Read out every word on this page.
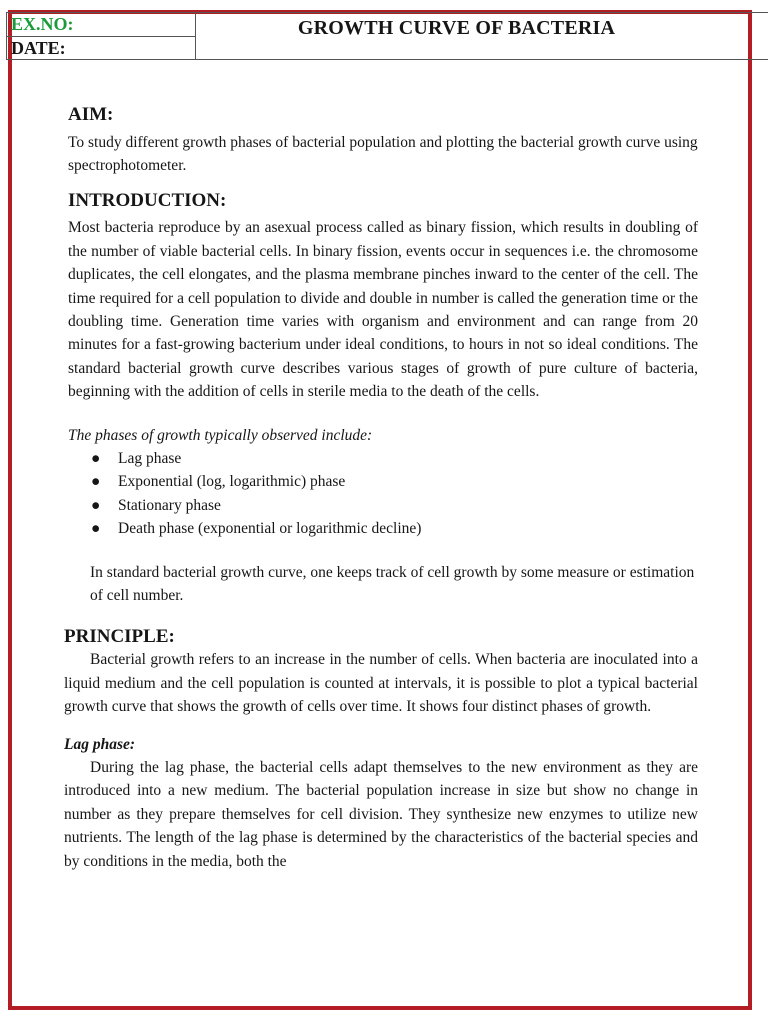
EX.NO:
DATE:
GROWTH CURVE OF BACTERIA
AIM:

To study different growth phases of bacterial population and plotting the bacterial growth curve using spectrophotometer.

INTRODUCTION:

Most bacteria reproduce by an asexual process called as binary fission, which results in doubling of the number of viable bacterial cells. In binary fission, events occur in sequences i.e. the chromosome duplicates, the cell elongates, and the plasma membrane pinches inward to the center of the cell. The time required for a cell population to divide and double in number is called the generation time or the doubling time. Generation time varies with organism and environment and can range from 20 minutes for a fast-growing bacterium under ideal conditions, to hours in not so ideal conditions. The standard bacterial growth curve describes various stages of growth of pure culture of bacteria, beginning with the addition of cells in sterile media to the death of the cells.

The phases of growth typically observed include:
● Lag phase
● Exponential (log, logarithmic) phase
● Stationary phase
● Death phase (exponential or logarithmic decline)

In standard bacterial growth curve, one keeps track of cell growth by some measure or estimation of cell number.

PRINCIPLE:

Bacterial growth refers to an increase in the number of cells. When bacteria are inoculated into a liquid medium and the cell population is counted at intervals, it is possible to plot a typical bacterial growth curve that shows the growth of cells over time. It shows four distinct phases of growth.

Lag phase:

During the lag phase, the bacterial cells adapt themselves to the new environment as they are introduced into a new medium. The bacterial population increase in size but show no change in number as they prepare themselves for cell division. They synthesize new enzymes to utilize new nutrients. The length of the lag phase is determined by the characteristics of the bacterial species and by conditions in the media, both the
